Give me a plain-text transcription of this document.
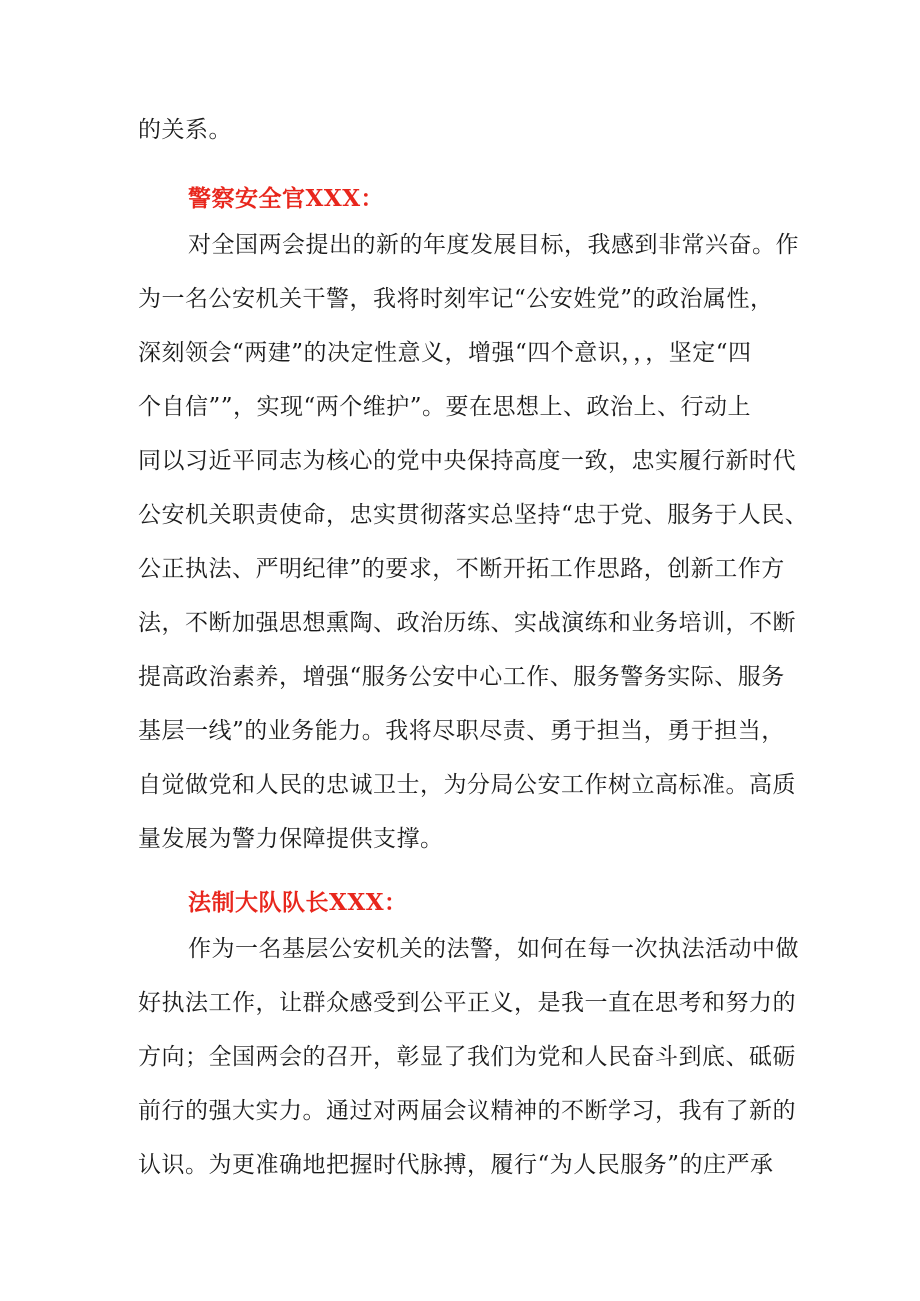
的关系。
警察安全官XXX：
对全国两会提出的新的年度发展目标，我感到非常兴奋。作
为一名公安机关干警，我将时刻牢记“公安姓党”的政治属性，
深刻领会“两建”的决定性意义，增强“四个意识，，，坚定“四
个自信””，实现“两个维护”。要在思想上、政治上、行动上
同以习近平同志为核心的党中央保持高度一致，忠实履行新时代
公安机关职责使命，忠实贯彻落实总坚持“忠于党、服务于人民、
公正执法、严明纪律”的要求，不断开拓工作思路，创新工作方
法，不断加强思想熏陶、政治历练、实战演练和业务培训，不断
提高政治素养，增强“服务公安中心工作、服务警务实际、服务
基层一线”的业务能力。我将尽职尽责、勇于担当，勇于担当，
自觉做党和人民的忠诚卫士，为分局公安工作树立高标准。高质
量发展为警力保障提供支撑。
法制大队队长XXX：
作为一名基层公安机关的法警，如何在每一次执法活动中做
好执法工作，让群众感受到公平正义，是我一直在思考和努力的
方向；全国两会的召开，彰显了我们为党和人民奋斗到底、砥砺
前行的强大实力。通过对两届会议精神的不断学习，我有了新的
认识。为更准确地把握时代脉搏，履行“为人民服务”的庄严承
